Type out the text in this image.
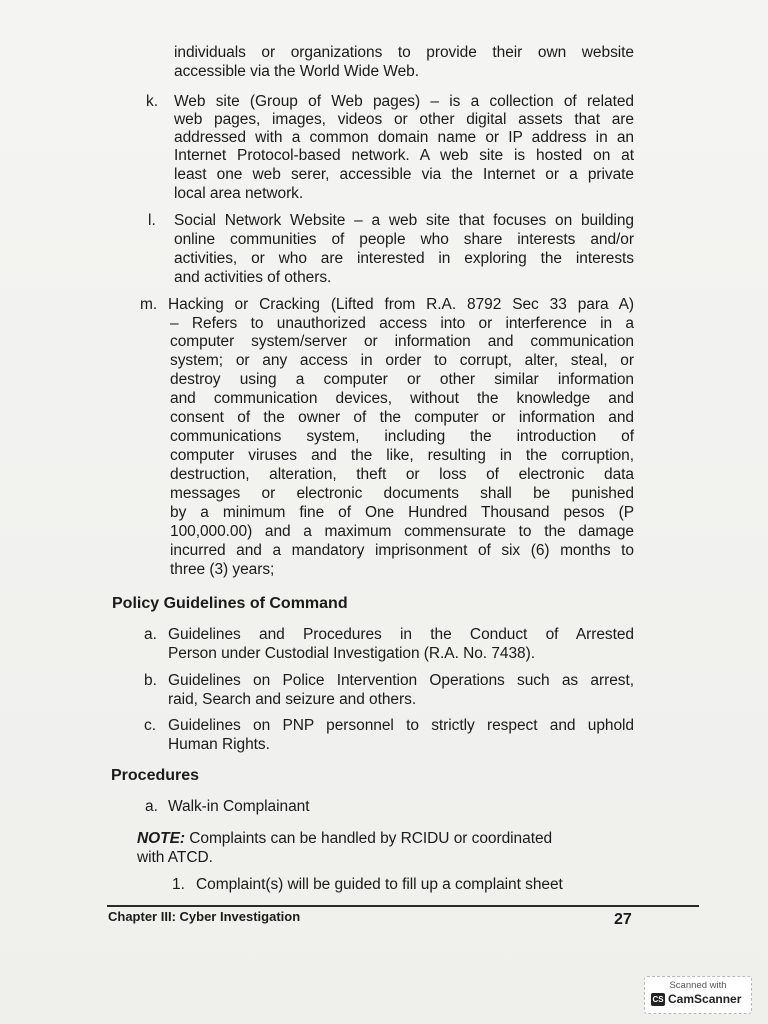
individuals or organizations to provide their own website
accessible via the World Wide Web.
k. Web site (Group of Web pages) – is a collection of related
web pages, images, videos or other digital assets that are
addressed with a common domain name or IP address in an
Internet Protocol-based network. A web site is hosted on at
least one web serer, accessible via the Internet or a private
local area network.
l. Social Network Website – a web site that focuses on building
online communities of people who share interests and/or
activities, or who are interested in exploring the interests
and activities of others.
m. Hacking or Cracking (Lifted from R.A. 8792 Sec 33 para A)
– Refers to unauthorized access into or interference in a
computer system/server or information and communication
system; or any access in order to corrupt, alter, steal, or
destroy using a computer or other similar information
and communication devices, without the knowledge and
consent of the owner of the computer or information and
communications system, including the introduction of
computer viruses and the like, resulting in the corruption,
destruction, alteration, theft or loss of electronic data
messages or electronic documents shall be punished
by a minimum fine of One Hundred Thousand pesos (P
100,000.00) and a maximum commensurate to the damage
incurred and a mandatory imprisonment of six (6) months to
three (3) years;
Policy Guidelines of Command
a. Guidelines and Procedures in the Conduct of Arrested
Person under Custodial Investigation (R.A. No. 7438).
b. Guidelines on Police Intervention Operations such as arrest,
raid, Search and seizure and others.
c. Guidelines on PNP personnel to strictly respect and uphold
Human Rights.
Procedures
a. Walk-in Complainant
NOTE: Complaints can be handled by RCIDU or coordinated
with ATCD.
1. Complaint(s) will be guided to fill up a complaint sheet
Chapter III: Cyber Investigation	27
Scanned with
CS CamScanner
